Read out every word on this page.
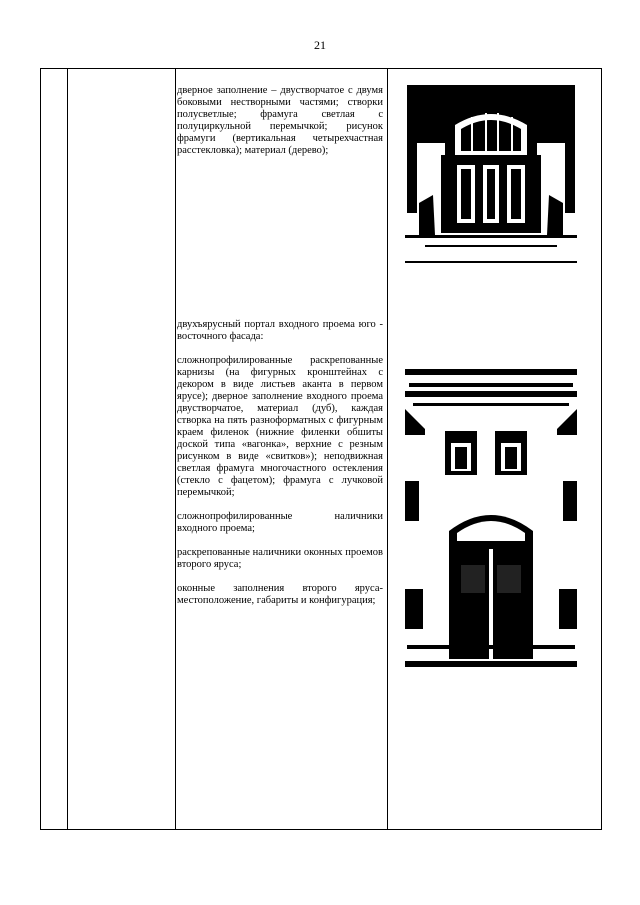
21

дверное заполнение – двустворчатое с двумя боковыми нестворными частями; створки полусветлые; фрамуга светлая с полуциркульной перемычкой; рисунок фрамуги (вертикальная четырехчастная расстекловка); материал (дерево);

двухъярусный портал входного проема юго - восточного фасада:

сложнопрофилированные раскрепованные карнизы (на фигурных кронштейнах с декором в виде листьев аканта в первом ярусе); дверное заполнение входного проема двустворчатое, материал (дуб), каждая створка на пять разноформатных с фигурным краем филенок (нижние филенки обшиты доской типа «вагонка», верхние с резным рисунком в виде «свитков»); неподвижная светлая фрамуга многочастного остекления (стекло с фацетом); фрамуга с лучковой перемычкой;

сложнопрофилированные наличники входного проема;

раскрепованные наличники оконных проемов второго яруса;

оконные заполнения второго яруса-местоположение, габариты и конфигурация;
